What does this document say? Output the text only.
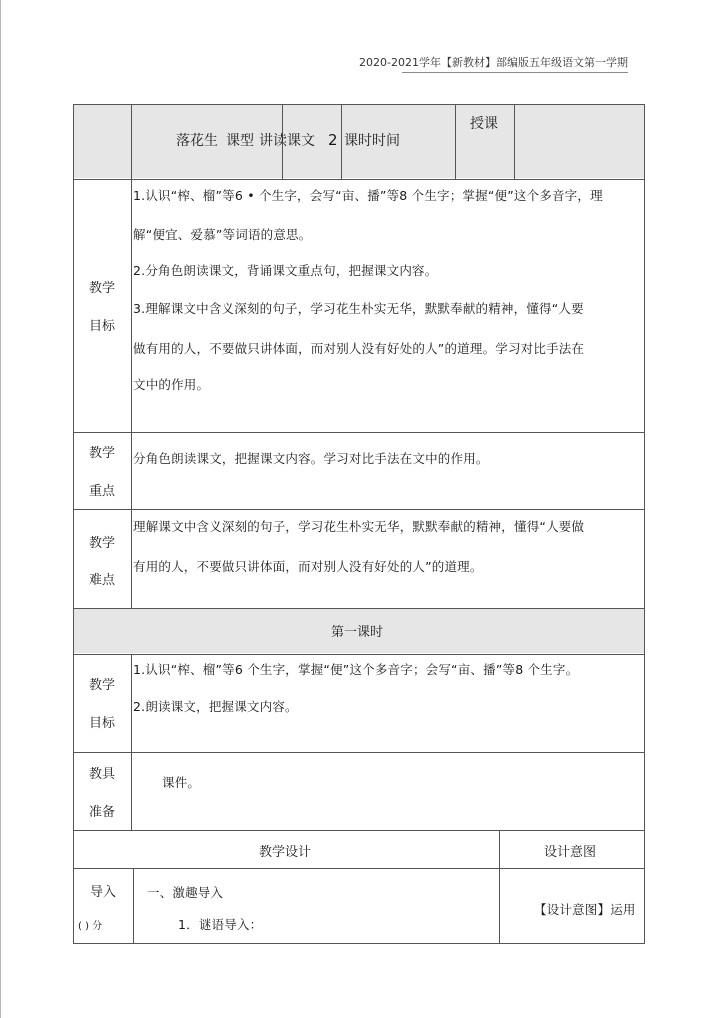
2020-2021学年【新教材】部编版五年级语文第一学期
落花生 课型 讲读课文 2 课时时间
授课
教学
目标
1.认识“榨、榴”等6 • 个生字，会写“亩、播”等8 个生字；掌握“便”这个多音字，理
解“便宜、爱慕”等词语的意思。
2.分角色朗读课文，背诵课文重点句，把握课文内容。
3.理解课文中含义深刻的句子，学习花生朴实无华，默默奉献的精神，懂得“人要
做有用的人，不要做只讲体面，而对别人没有好处的人”的道理。学习对比手法在
文中的作用。
教学
重点
分角色朗读课文，把握课文内容。学习对比手法在文中的作用。
教学
难点
理解课文中含义深刻的句子，学习花生朴实无华，默默奉献的精神，懂得“人要做
有用的人，不要做只讲体面，而对别人没有好处的人”的道理。
第一课时
教学
目标
1.认识“榨、榴”等6 个生字，掌握“便”这个多音字；会写“亩、播”等8 个生字。
2.朗读课文，把握课文内容。
教具
准备
课件。
教学设计	设计意图
导入
( ) 分
一、激趣导入
1．谜语导入：
【设计意图】运用
